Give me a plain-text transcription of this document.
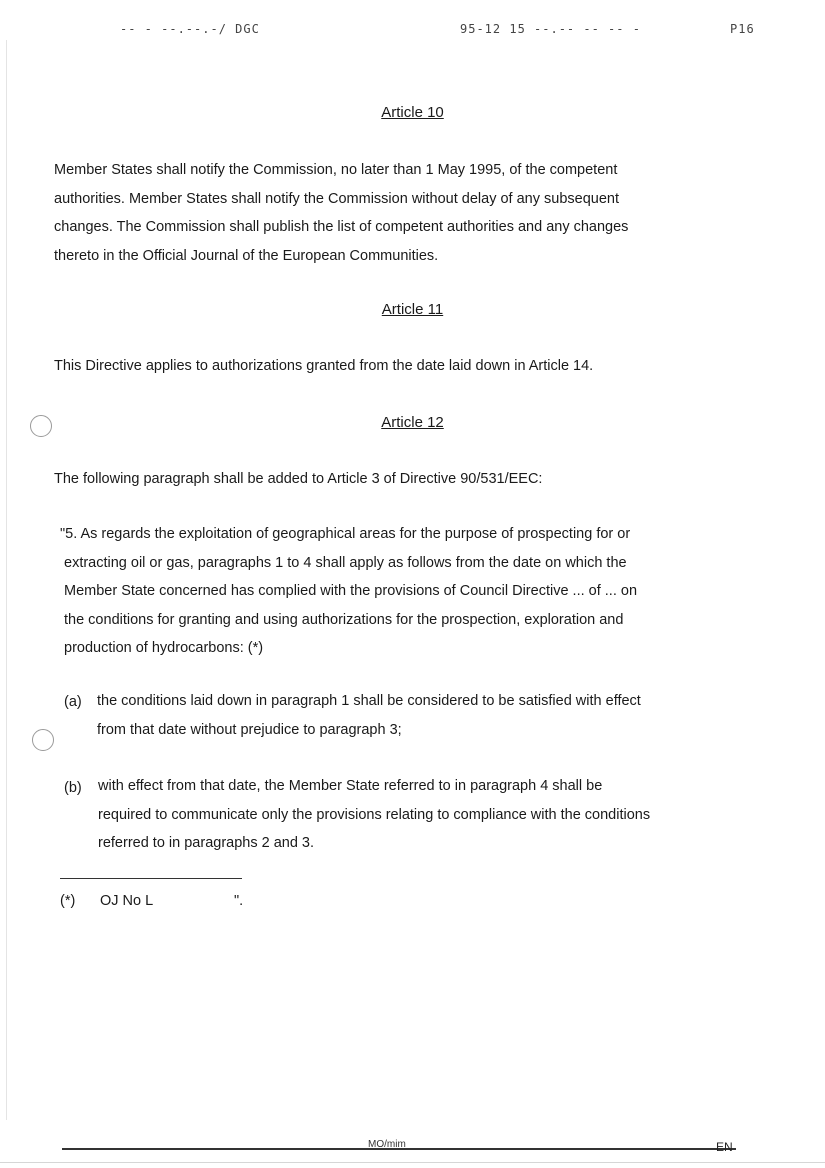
-- - --.--.-/ DGC	95-12 15 --.-- -- -- -	P16
Article 10
Member States shall notify the Commission, no later than 1 May 1995, of the competent
authorities. Member States shall notify the Commission without delay of any subsequent
changes. The Commission shall publish the list of competent authorities and any changes
thereto in the Official Journal of the European Communities.
Article 11
This Directive applies to authorizations granted from the date laid down in Article 14.
Article 12
The following paragraph shall be added to Article 3 of Directive 90/531/EEC:
"5. As regards the exploitation of geographical areas for the purpose of prospecting for or
extracting oil or gas, paragraphs 1 to 4 shall apply as follows from the date on which the
Member State concerned has complied with the provisions of Council Directive ... of ... on
the conditions for granting and using authorizations for the prospection, exploration and
production of hydrocarbons: (*)
(a) the conditions laid down in paragraph 1 shall be considered to be satisfied with effect
from that date without prejudice to paragraph 3;
(b) with effect from that date, the Member State referred to in paragraph 4 shall be
required to communicate only the provisions relating to compliance with the conditions
referred to in paragraphs 2 and 3.
(*) OJ No L	".
MO/mim	EN
